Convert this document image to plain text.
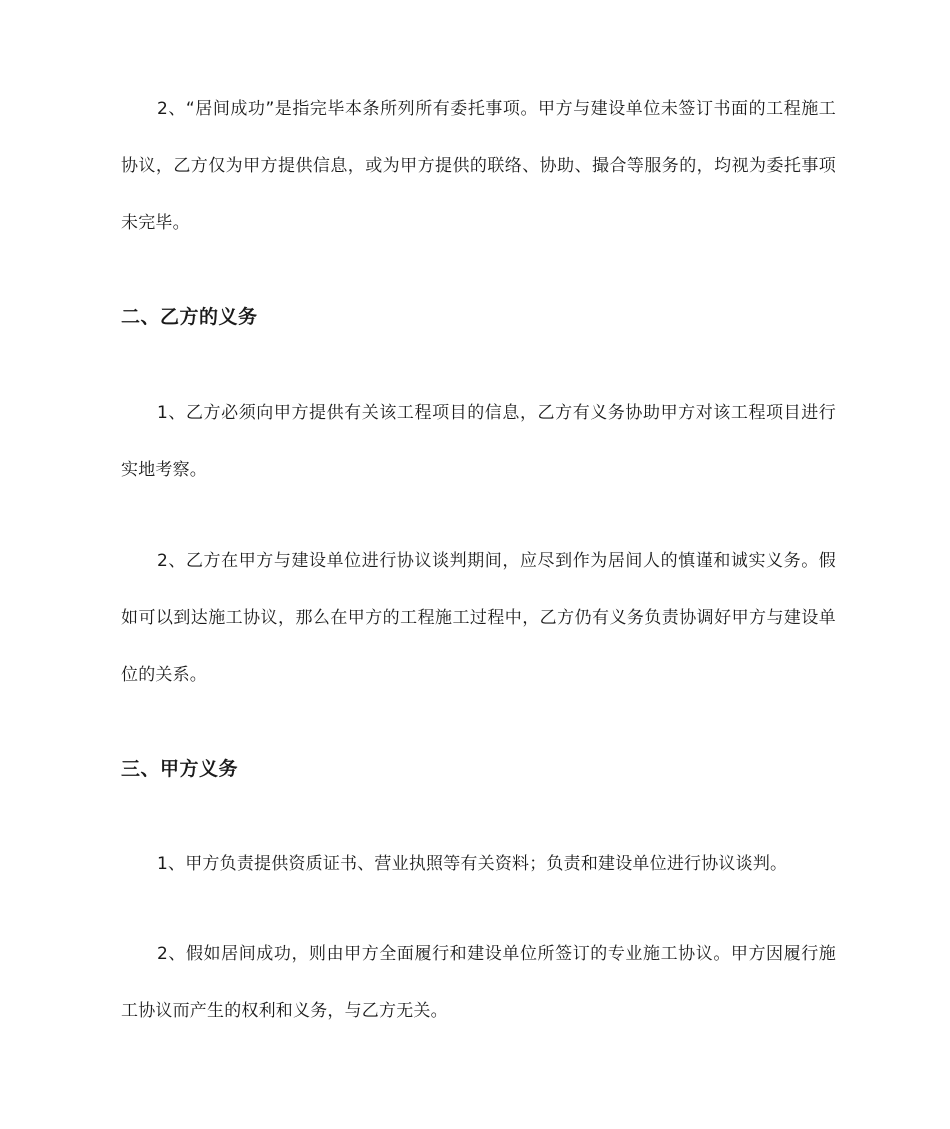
2、“居间成功”是指完毕本条所列所有委托事项。甲方与建设单位未签订书面的工程施工协议，乙方仅为甲方提供信息，或为甲方提供的联络、协助、撮合等服务的，均视为委托事项未完毕。

二、乙方的义务

1、乙方必须向甲方提供有关该工程项目的信息，乙方有义务协助甲方对该工程项目进行实地考察。

2、乙方在甲方与建设单位进行协议谈判期间，应尽到作为居间人的慎谨和诚实义务。假如可以到达施工协议，那么在甲方的工程施工过程中，乙方仍有义务负责协调好甲方与建设单位的关系。

三、甲方义务

1、甲方负责提供资质证书、营业执照等有关资料；负责和建设单位进行协议谈判。

2、假如居间成功，则由甲方全面履行和建设单位所签订的专业施工协议。甲方因履行施工协议而产生的权利和义务，与乙方无关。
